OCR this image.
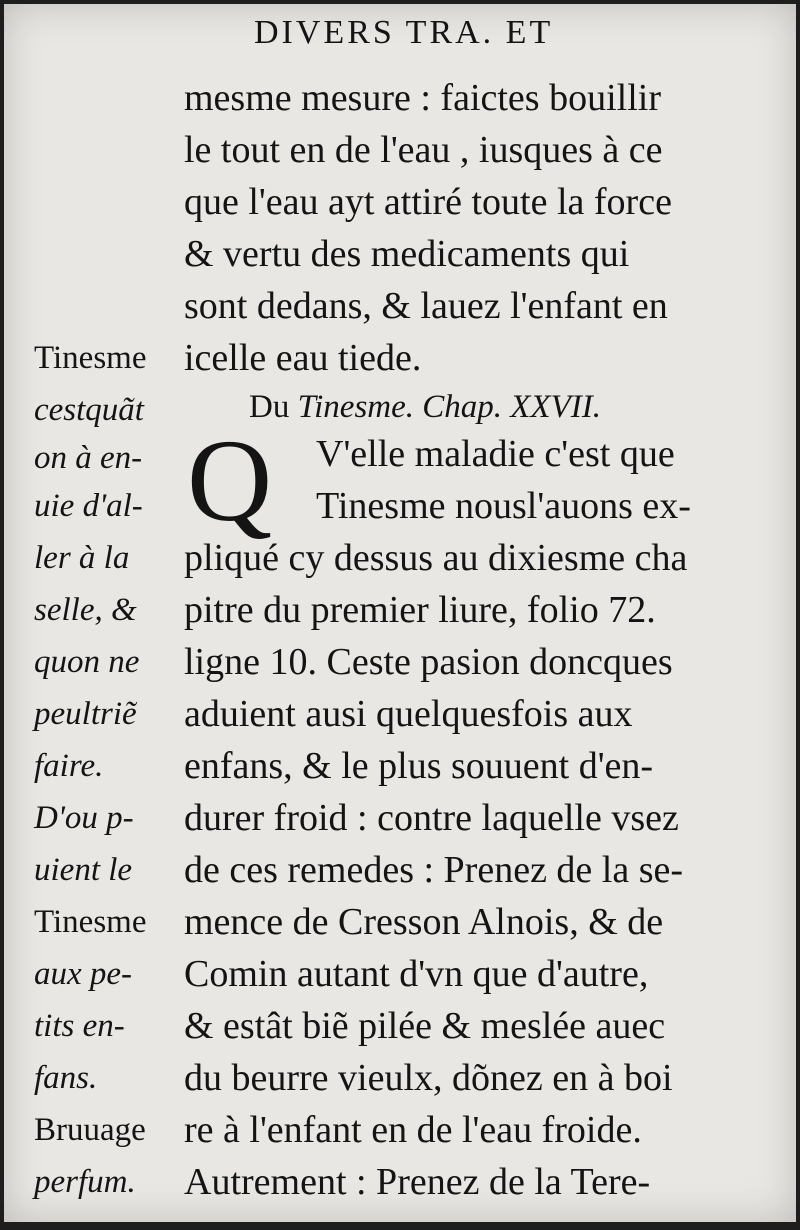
DIVERS TRA. ET
mesme mesure : faictes bouillir
le tout en de l'eau , iusques à ce
que l'eau ayt attiré toute la force
& vertu des medicaments qui
sont dedans, & lauez l'enfant en
icelle eau tiede.
Du Tinesme. Chap. XXVII.
Q V'elle maladie c'est que
Tinesme nousl'auons ex-
pliqué cy dessus au dixiesme cha
pitre du premier liure, folio 72.
ligne 10. Ceste pasion doncques
aduient ausi quelquesfois aux
enfans, & le plus souuent d'en-
durer froid : contre laquelle vsez
de ces remedes : Prenez de la se-
mence de Cresson Alnois, & de
Comin autant d'vn que d'autre,
& estât biẽ pilée & meslée auec
du beurre vieulx, dõnez en à boi
re à l'enfant en de l'eau froide.
Autrement : Prenez de la Tere-
Tinesme
cestquãt
on à en-
uie d'al-
ler à la
selle, &
quon ne
peultriẽ
faire.
D'ou p-
uient le
Tinesme
aux pe-
tits en-
fans.
Bruuage
perfum.
